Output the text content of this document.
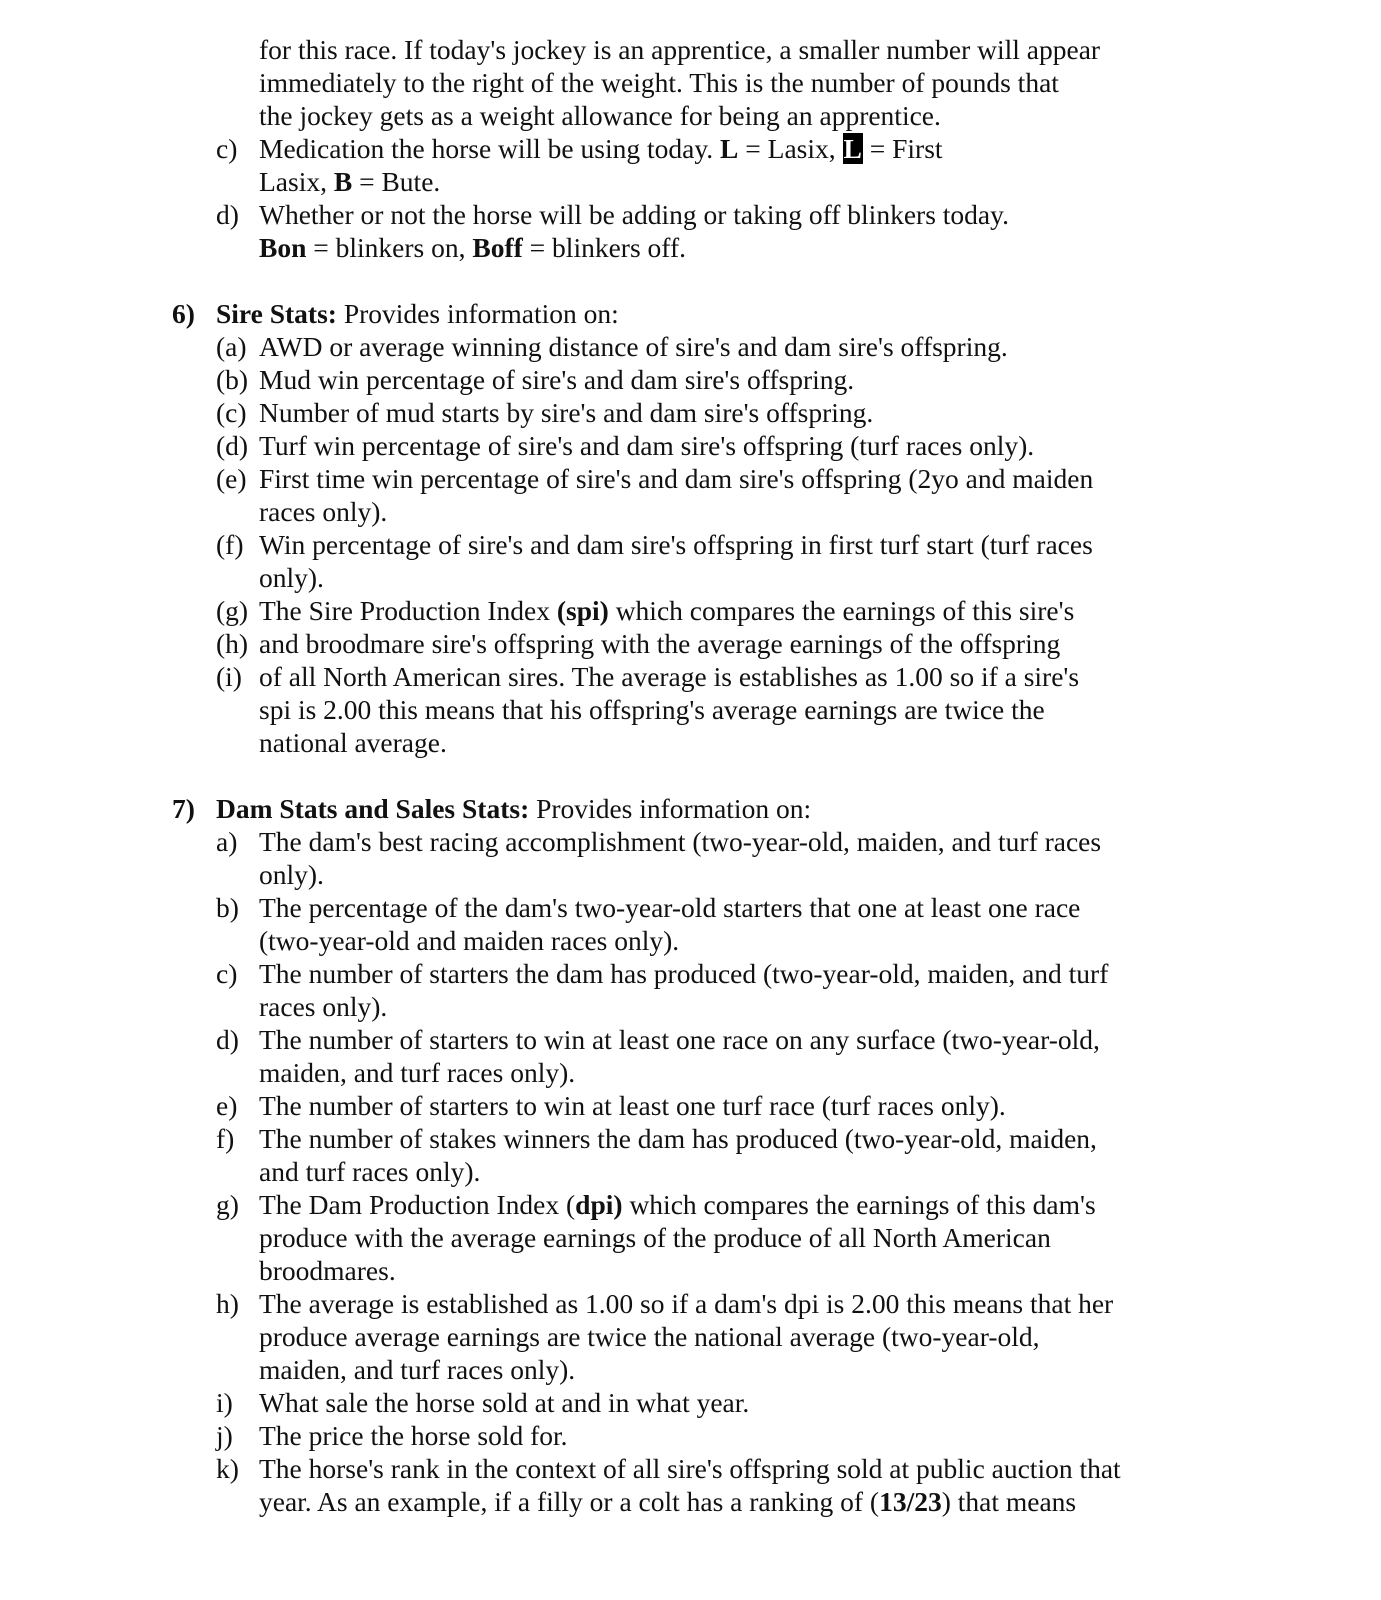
for this race. If today's jockey is an apprentice, a smaller number will appear
immediately to the right of the weight. This is the number of pounds that
the jockey gets as a weight allowance for being an apprentice.
c) Medication the horse will be using today. L = Lasix, L = First
Lasix, B = Bute.
d) Whether or not the horse will be adding or taking off blinkers today.
Bon = blinkers on, Boff = blinkers off.
6) Sire Stats: Provides information on:
(a) AWD or average winning distance of sire's and dam sire's offspring.
(b) Mud win percentage of sire's and dam sire's offspring.
(c) Number of mud starts by sire's and dam sire's offspring.
(d) Turf win percentage of sire's and dam sire's offspring (turf races only).
(e) First time win percentage of sire's and dam sire's offspring (2yo and maiden
races only).
(f) Win percentage of sire's and dam sire's offspring in first turf start (turf races
only).
(g) The Sire Production Index (spi) which compares the earnings of this sire's
(h) and broodmare sire's offspring with the average earnings of the offspring
(i) of all North American sires. The average is establishes as 1.00 so if a sire's
spi is 2.00 this means that his offspring's average earnings are twice the
national average.
7) Dam Stats and Sales Stats: Provides information on:
a) The dam's best racing accomplishment (two-year-old, maiden, and turf races
only).
b) The percentage of the dam's two-year-old starters that one at least one race
(two-year-old and maiden races only).
c) The number of starters the dam has produced (two-year-old, maiden, and turf
races only).
d) The number of starters to win at least one race on any surface (two-year-old,
maiden, and turf races only).
e) The number of starters to win at least one turf race (turf races only).
f) The number of stakes winners the dam has produced (two-year-old, maiden,
and turf races only).
g) The Dam Production Index (dpi) which compares the earnings of this dam's
produce with the average earnings of the produce of all North American
broodmares.
h) The average is established as 1.00 so if a dam's dpi is 2.00 this means that her
produce average earnings are twice the national average (two-year-old,
maiden, and turf races only).
i) What sale the horse sold at and in what year.
j) The price the horse sold for.
k) The horse's rank in the context of all sire's offspring sold at public auction that
year. As an example, if a filly or a colt has a ranking of (13/23) that means
